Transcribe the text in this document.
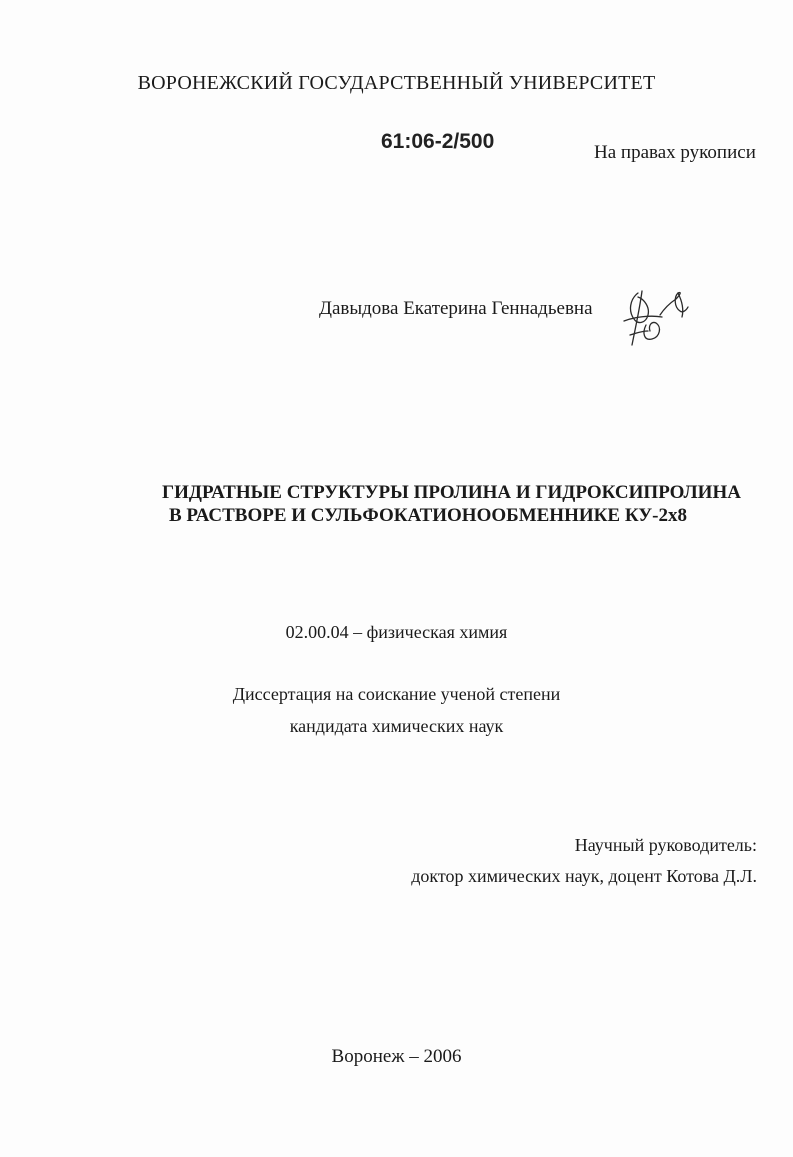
ВОРОНЕЖСКИЙ ГОСУДАРСТВЕННЫЙ УНИВЕРСИТЕТ
61:06-2/500	На правах рукописи
Давыдова Екатерина Геннадьевна
ГИДРАТНЫЕ СТРУКТУРЫ ПРОЛИНА И ГИДРОКСИПРОЛИНА
В РАСТВОРЕ И СУЛЬФОКАТИОНООБМЕННИКЕ КУ-2х8
02.00.04 – физическая химия
Диссертация на соискание ученой степени
кандидата химических наук
Научный руководитель:
доктор химических наук, доцент Котова Д.Л.
Воронеж – 2006
